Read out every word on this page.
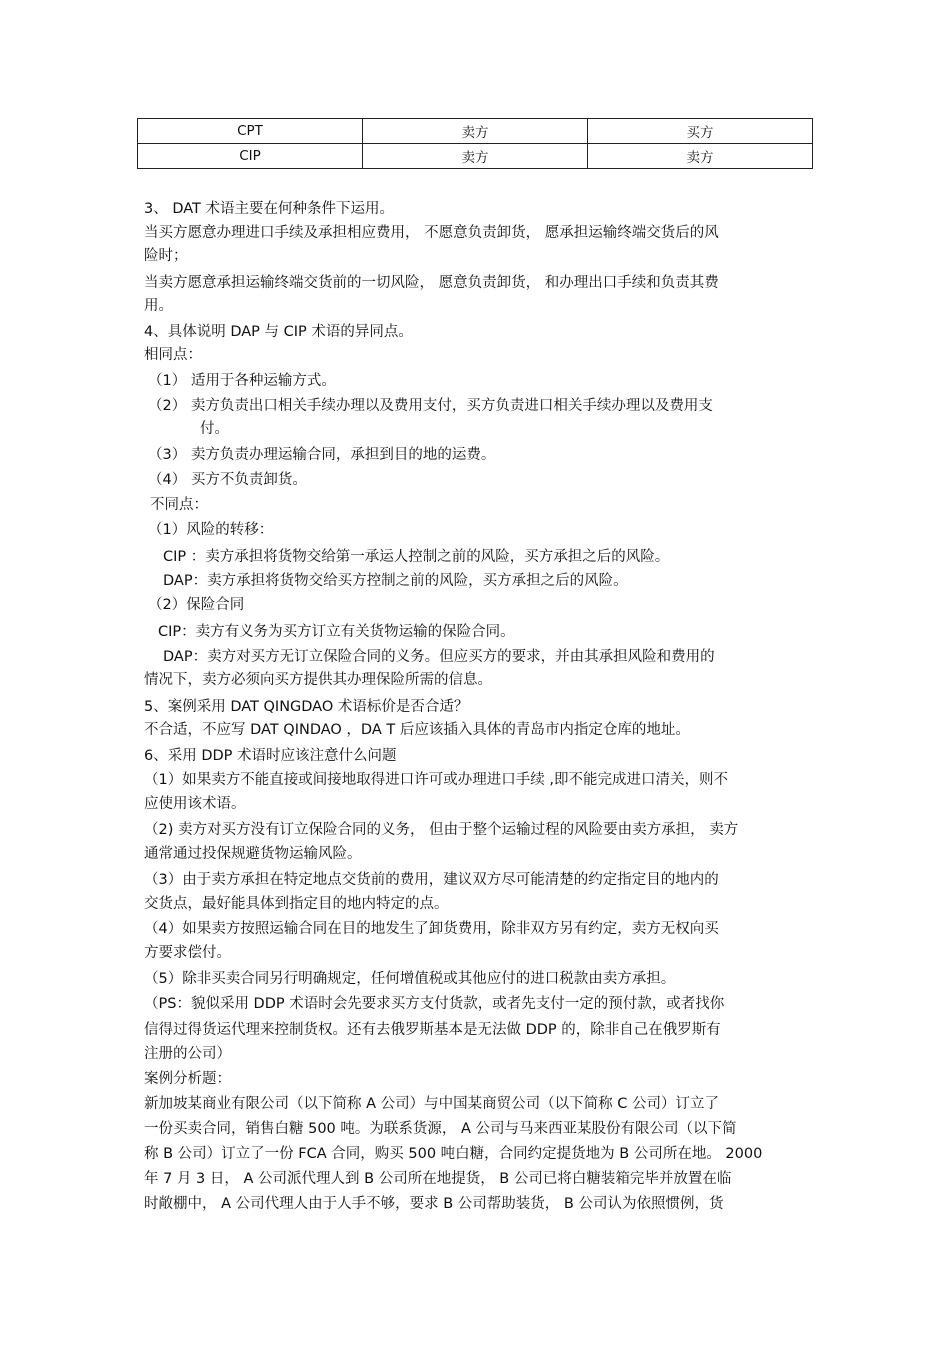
CPT	卖方	买方
CIP	卖方	卖方
3、 DAT 术语主要在何种条件下运用。
当买方愿意办理进口手续及承担相应费用， 不愿意负责卸货， 愿承担运输终端交货后的风
险时；
当卖方愿意承担运输终端交货前的一切风险， 愿意负责卸货， 和办理出口手续和负责其费
用。
4、具体说明 DAP 与 CIP 术语的异同点。
相同点：
（1） 适用于各种运输方式。
（2） 卖方负责出口相关手续办理以及费用支付，买方负责进口相关手续办理以及费用支
付。
（3） 卖方负责办理运输合同，承担到目的地的运费。
（4） 买方不负责卸货。
不同点：
（1）风险的转移：
CIP ：卖方承担将货物交给第一承运人控制之前的风险，买方承担之后的风险。
DAP：卖方承担将货物交给买方控制之前的风险，买方承担之后的风险。
（2）保险合同
CIP：卖方有义务为买方订立有关货物运输的保险合同。
DAP：卖方对买方无订立保险合同的义务。但应买方的要求，并由其承担风险和费用的
情况下，卖方必须向买方提供其办理保险所需的信息。
5、案例采用 DAT QINGDAO 术语标价是否合适？
不合适，不应写 DAT QINDAO ，DA T 后应该插入具体的青岛市内指定仓库的地址。
6、采用 DDP 术语时应该注意什么问题
（1）如果卖方不能直接或间接地取得进口许可或办理进口手续 ,即不能完成进口清关，则不
应使用该术语。
（2) 卖方对买方没有订立保险合同的义务， 但由于整个运输过程的风险要由卖方承担， 卖方
通常通过投保规避货物运输风险。
（3）由于卖方承担在特定地点交货前的费用，建议双方尽可能清楚的约定指定目的地内的
交货点，最好能具体到指定目的地内特定的点。
（4）如果卖方按照运输合同在目的地发生了卸货费用，除非双方另有约定，卖方无权向买
方要求偿付。
（5）除非买卖合同另行明确规定，任何增值税或其他应付的进口税款由卖方承担。
（PS：貌似采用 DDP 术语时会先要求买方支付货款，或者先支付一定的预付款，或者找你
信得过得货运代理来控制货权。还有去俄罗斯基本是无法做 DDP 的，除非自己在俄罗斯有
注册的公司）
案例分析题：
新加坡某商业有限公司（以下简称 A 公司）与中国某商贸公司（以下简称 C 公司）订立了
一份买卖合同，销售白糖 500 吨。为联系货源， A 公司与马来西亚某股份有限公司（以下简
称 B 公司）订立了一份 FCA 合同，购买 500 吨白糖，合同约定提货地为 B 公司所在地。 2000
年 7 月 3 日， A 公司派代理人到 B 公司所在地提货， B 公司已将白糖装箱完毕并放置在临
时敞棚中， A 公司代理人由于人手不够，要求 B 公司帮助装货， B 公司认为依照惯例，货
